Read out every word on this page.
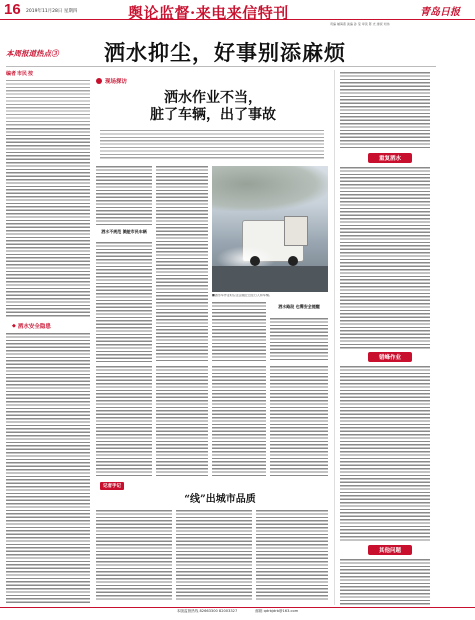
16 2019年11月28日 星期四	舆论监督·来电来信特刊	青岛日报
责编 臧海燕 美编 孙 莹 审读 陈 光 排版 刘伟
本周报道热点③ 洒水抑尘，好事别添麻烦
编者 市民 按
◆ 洒水安全隐患
现场探访
洒水作业不当，
脏了车辆，出了事故
■洒水车作业时应注意避让过往行人和车辆。
洒水不规范 溅脏市民车辆
洒水路段 也需安全提醒
记者手记
“线”出城市品质
重复洒水
错峰作业
其他问题
本版监督热线 82663300 82003327	邮箱 qdrbjdrb@163.com
